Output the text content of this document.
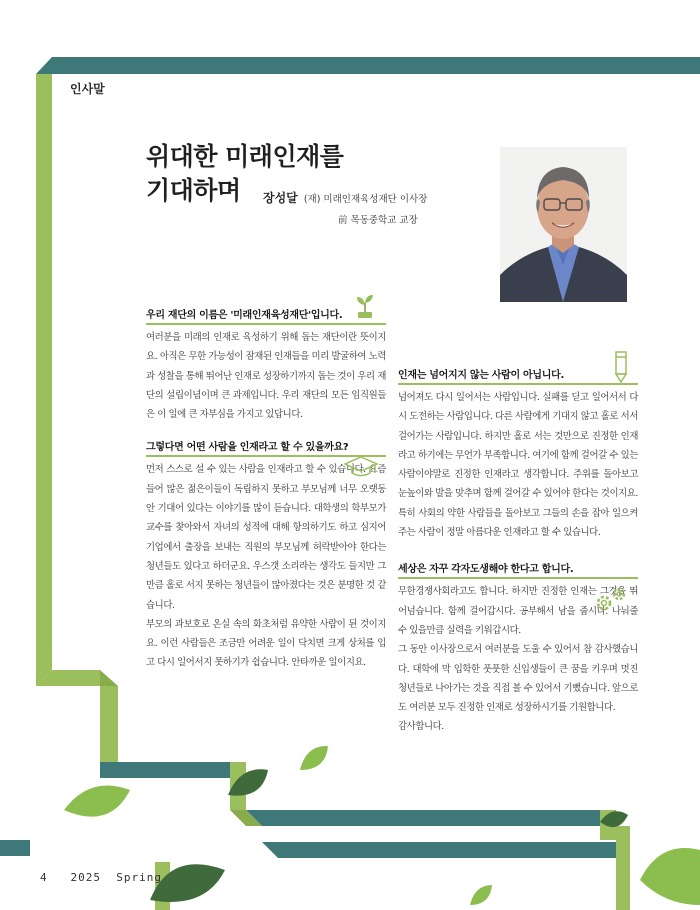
인사말
위대한 미래인재를
기대하며	장성달 (재) 미래인재육성재단 이사장
前 목동중학교 교장
우리 재단의 이름은 '미래인재육성재단'입니다.
여러분을 미래의 인재로 육성하기 위해 돕는 재단이란 뜻이지요. 아직은 무한 가능성이 잠재된 인재들을 미리 발굴하여 노력과 성찰을 통해 뛰어난 인재로 성장하기까지 돕는 것이 우리 재단의 설립이념이며 큰 과제입니다. 우리 재단의 모든 임직원들은 이 일에 큰 자부심을 가지고 있답니다.
그렇다면 어떤 사람을 인재라고 할 수 있을까요?
먼저 스스로 설 수 있는 사람을 인재라고 할 수 있습니다. 요즘들어 많은 젊은이들이 독립하지 못하고 부모님께 너무 오랫동안 기대어 있다는 이야기를 많이 듣습니다. 대학생의 학부모가 교수를 찾아와서 자녀의 성적에 대해 항의하기도 하고 심지어 기업에서 출장을 보내는 직원의 부모님께 허락받아야 한다는 청년들도 있다고 하더군요. 우스갯 소리라는 생각도 들지만 그만큼 홀로 서지 못하는 청년들이 많아졌다는 것은 분명한 것 같습니다.
부모의 과보호로 온실 속의 화초처럼 유약한 사람이 된 것이지요. 이런 사람들은 조금만 어려운 일이 닥치면 크게 상처를 입고 다시 일어서지 못하기가 쉽습니다. 안타까운 일이지요.
인재는 넘어지지 않는 사람이 아닙니다.
넘어져도 다시 일어서는 사람입니다. 실패를 딛고 일어서서 다시 도전하는 사람입니다. 다른 사람에게 기대지 않고 홀로 서서 걸어가는 사람입니다. 하지만 홀로 서는 것만으로 진정한 인재라고 하기에는 무언가 부족합니다. 여기에 함께 걸어갈 수 있는 사람이야말로 진정한 인재라고 생각합니다. 주위를 돌아보고 눈높이와 발을 맞추며 함께 걸어갈 수 있어야 한다는 것이지요. 특히 사회의 약한 사람들을 돌아보고 그들의 손을 잡아 일으켜주는 사람이 정말 아름다운 인재라고 할 수 있습니다.
세상은 자꾸 각자도생해야 한다고 합니다.
무한경쟁사회라고도 합니다. 하지만 진정한 인재는 그것을 뛰어넘습니다. 함께 걸어갑시다. 공부해서 남을 줍시다. 나눠줄 수 있을만큼 실력을 키워갑시다.
그 동안 이사장으로서 여러분을 도울 수 있어서 참 감사했습니다. 대학에 막 입학한 풋풋한 신입생들이 큰 꿈을 키우며 멋진 청년들로 나아가는 것을 직접 볼 수 있어서 기뻤습니다. 앞으로도 여러분 모두 진정한 인재로 성장하시기를 기원합니다.
감사합니다.
4 2025 Spring
